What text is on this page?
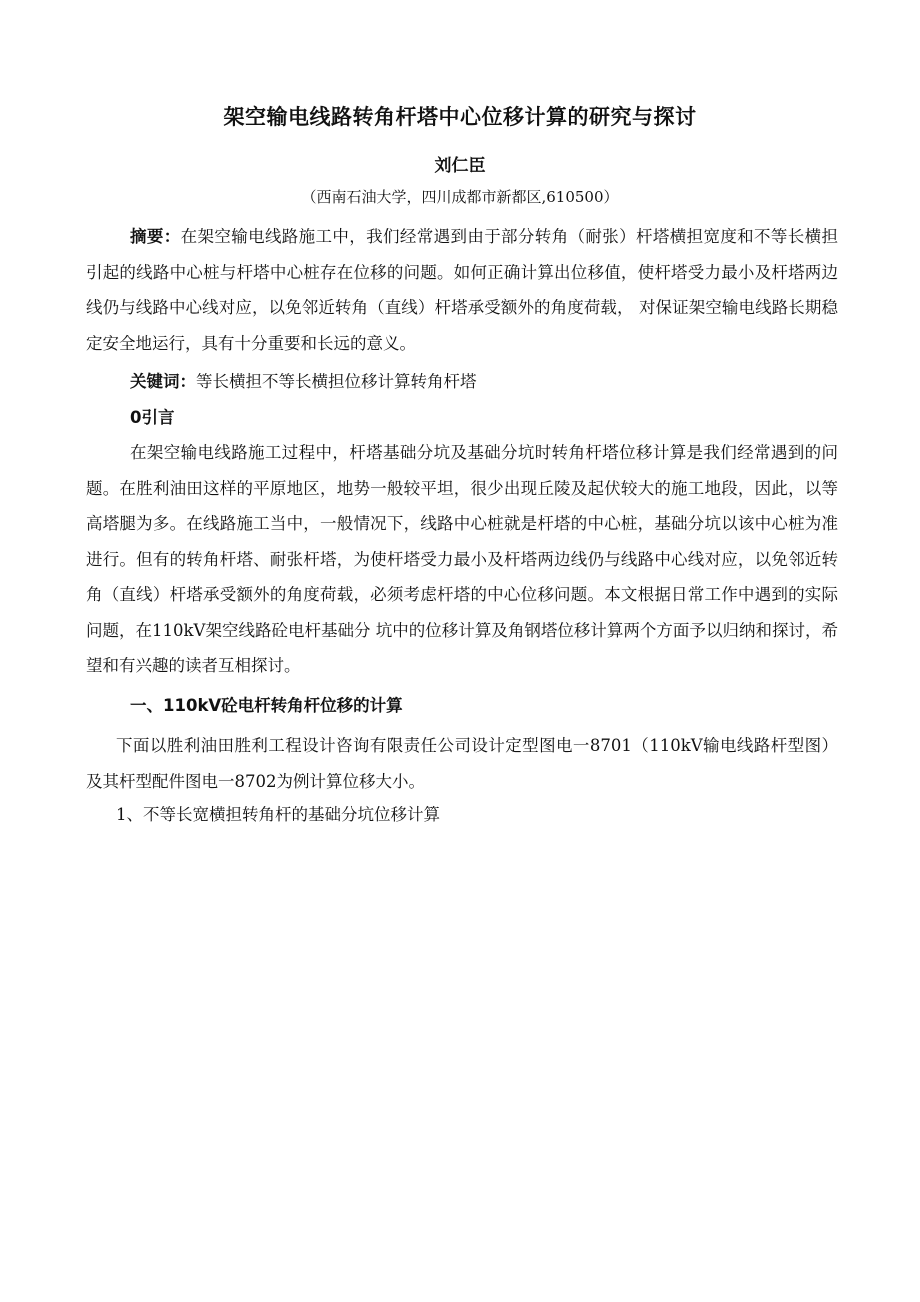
架空输电线路转角杆塔中心位移计算的研究与探讨
刘仁臣
（西南石油大学，四川成都市新都区,610500）

摘要：在架空输电线路施工中，我们经常遇到由于部分转角（耐张）杆塔横担宽度和不等长横担引起的线路中心桩与杆塔中心桩存在位移的问题。如何正确计算出位移值，使杆塔受力最小及杆塔两边线仍与线路中心线对应，以免邻近转角（直线）杆塔承受额外的角度荷载， 对保证架空输电线路长期稳定安全地运行，具有十分重要和长远的意义。

关键词：等长横担不等长横担位移计算转角杆塔

0引言

在架空输电线路施工过程中，杆塔基础分坑及基础分坑时转角杆塔位移计算是我们经常遇到的问题。在胜利油田这样的平原地区，地势一般较平坦，很少出现丘陵及起伏较大的施工地段，因此，以等高塔腿为多。在线路施工当中，一般情况下，线路中心桩就是杆塔的中心桩，基础分坑以该中心桩为准进行。但有的转角杆塔、耐张杆塔，为使杆塔受力最小及杆塔两边线仍与线路中心线对应，以免邻近转角（直线）杆塔承受额外的角度荷载，必须考虑杆塔的中心位移问题。本文根据日常工作中遇到的实际问题，在110kV架空线路砼电杆基础分 坑中的位移计算及角钢塔位移计算两个方面予以归纳和探讨，希望和有兴趣的读者互相探讨。

一、110kV砼电杆转角杆位移的计算

下面以胜利油田胜利工程设计咨询有限责任公司设计定型图电一8701（110kV输电线路杆型图）及其杆型配件图电一8702为例计算位移大小。

1、不等长宽横担转角杆的基础分坑位移计算
